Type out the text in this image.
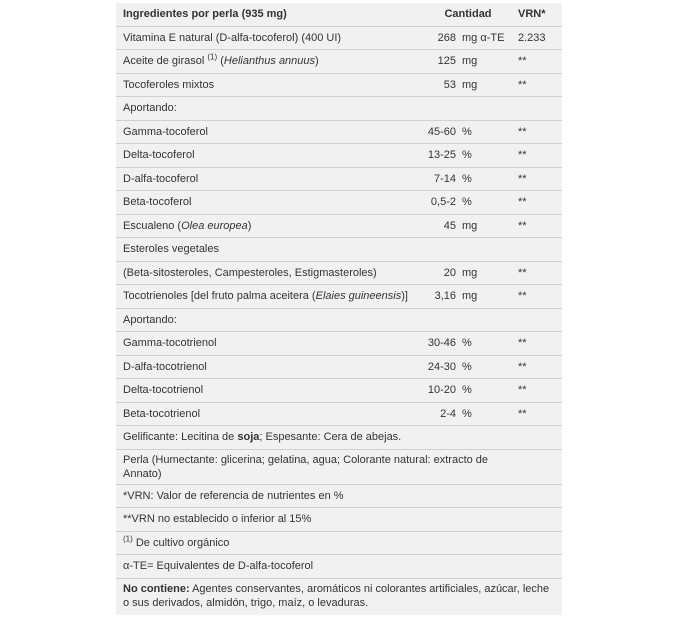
Ingredientes por perla (935 mg)	Cantidad		VRN*
Vitamina E natural (D-alfa-tocoferol) (400 UI)	268	mg α-TE	2.233
Aceite de girasol $^{(1)}$ (Helianthus annuus)	125	mg	**
Tocoferoles mixtos	53	mg	**
Aportando:			
Gamma-tocoferol	45-60	%	**
Delta-tocoferol	13-25	%	**
D-alfa-tocoferol	7-14	%	**
Beta-tocoferol	0,5-2	%	**
Escualeno (Olea europea)	45	mg	**
Esteroles vegetales			
(Beta-sitosteroles, Campesteroles, Estigmasteroles)	20	mg	**
Tocotrienoles [del fruto palma aceitera (Elaies guineensis)]	3,16	mg	**
Aportando:			
Gamma-tocotrienol	30-46	%	**
D-alfa-tocotrienol	24-30	%	**
Delta-tocotrienol	10-20	%	**
Beta-tocotrienol	2-4	%	**
Gelificante: Lecitina de soja; Espesante: Cera de abejas.			
Perla (Humectante: glicerina; gelatina, agua; Colorante natural: extracto de Annato)			
*VRN: Valor de referencia de nutrientes en %			
**VRN no establecido o inferior al 15%			
$^{(1)}$ De cultivo orgánico			
α-TE= Equivalentes de D-alfa-tocoferol			
No contiene: Agentes conservantes, aromáticos ni colorantes artificiales, azúcar, leche o sus derivados, almidón, trigo, maíz, o levaduras.			
